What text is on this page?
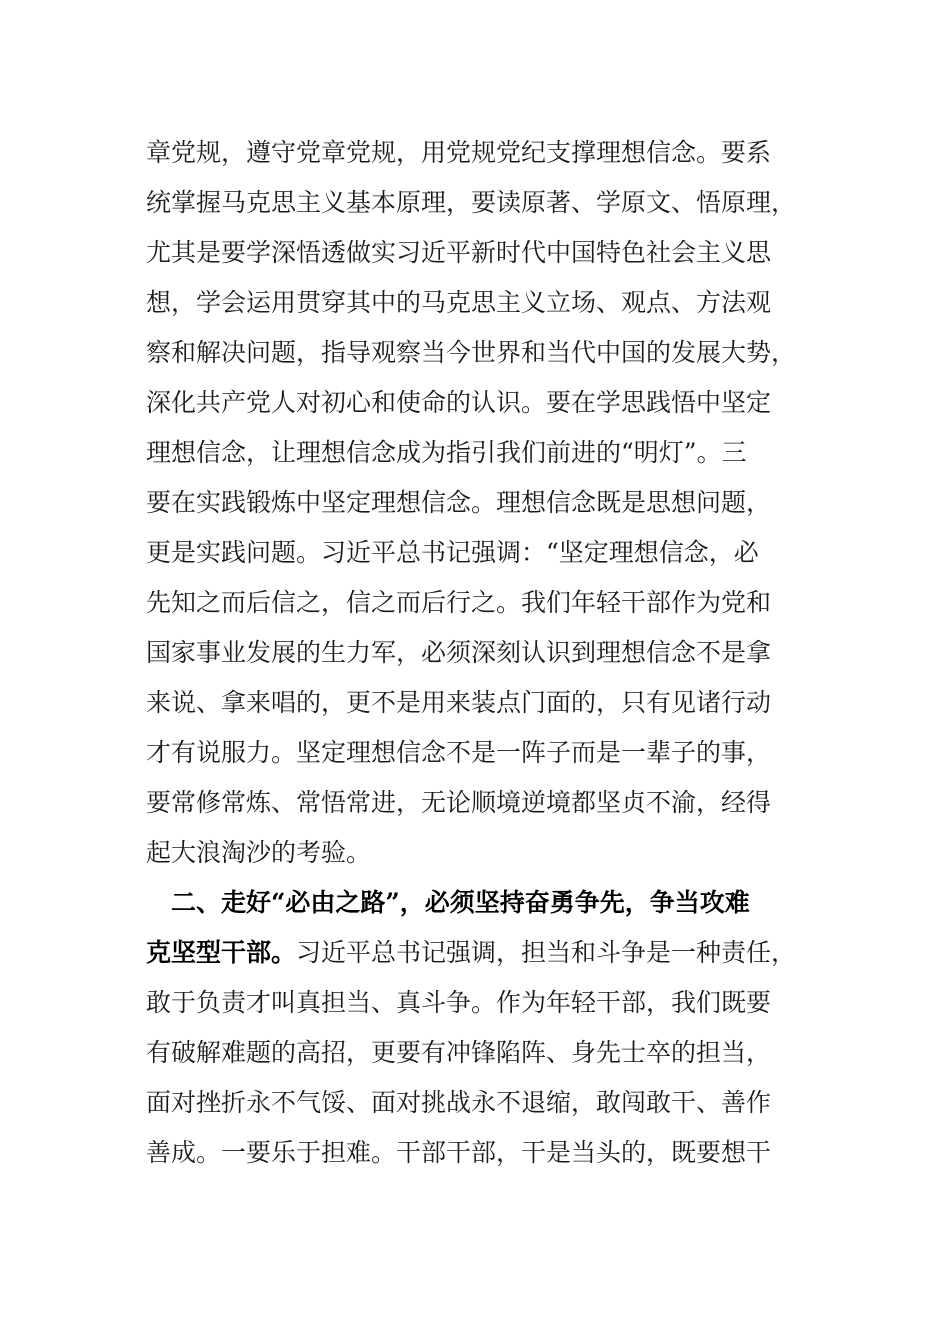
章党规，遵守党章党规，用党规党纪支撑理想信念。要系
统掌握马克思主义基本原理，要读原著、学原文、悟原理，
尤其是要学深悟透做实习近平新时代中国特色社会主义思
想，学会运用贯穿其中的马克思主义立场、观点、方法观
察和解决问题，指导观察当今世界和当代中国的发展大势，
深化共产党人对初心和使命的认识。要在学思践悟中坚定
理想信念，让理想信念成为指引我们前进的“明灯”。三
要在实践锻炼中坚定理想信念。理想信念既是思想问题，
更是实践问题。习近平总书记强调：“坚定理想信念，必
先知之而后信之，信之而后行之。我们年轻干部作为党和
国家事业发展的生力军，必须深刻认识到理想信念不是拿
来说、拿来唱的，更不是用来装点门面的，只有见诸行动
才有说服力。坚定理想信念不是一阵子而是一辈子的事，
要常修常炼、常悟常进，无论顺境逆境都坚贞不渝，经得
起大浪淘沙的考验。
　二、走好“必由之路”，必须坚持奋勇争先，争当攻难
克坚型干部。习近平总书记强调，担当和斗争是一种责任，
敢于负责才叫真担当、真斗争。作为年轻干部，我们既要
有破解难题的高招，更要有冲锋陷阵、身先士卒的担当，
面对挫折永不气馁、面对挑战永不退缩，敢闯敢干、善作
善成。一要乐于担难。干部干部，干是当头的，既要想干
